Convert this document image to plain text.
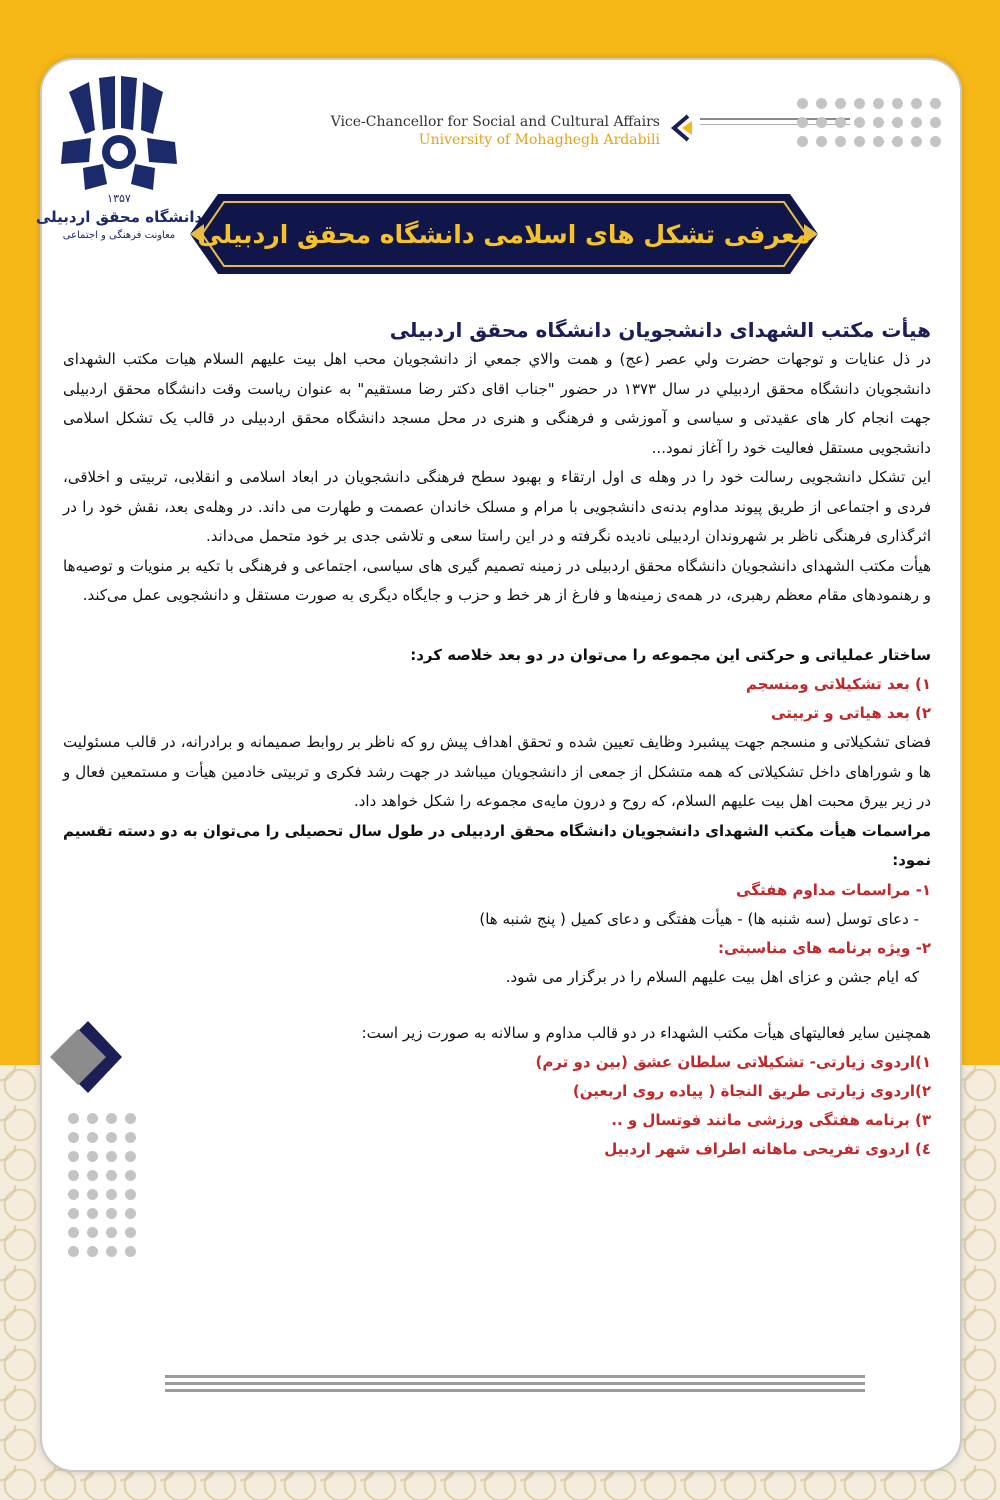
۱۳۵۷
دانشگاه محقق اردبیلی
معاونت فرهنگی و اجتماعی
Vice-Chancellor for Social and Cultural Affairs
University of Mohaghegh Ardabili
معرفی تشکل های اسلامی دانشگاه محقق اردبیلی

هیأت مکتب الشهدای دانشجویان دانشگاه محقق اردبیلی

در ذل عنایات و توجهات حضرت ولي عصر (عج) و همت والاي جمعي از دانشجويان محب اهل بيت عليهم السلام هيات مكتب الشهدای دانشجويان دانشگاه محقق اردبيلي در سال ١٣٧٣ در حضور "جناب اقای دکتر رضا مستقیم" به عنوان رياست وقت دانشگاه محقق اردبيلی جهت انجام کار های عقیدتی و سیاسی و آموزشی و فرهنگی و هنری در محل مسجد دانشگاه محقق اردبیلی در قالب یک تشکل اسلامی دانشجویی مستقل فعالیت خود را آغاز نمود...

این تشکل دانشجویی رسالت خود را در وهله ی اول ارتقاء و بهبود سطح فرهنگی دانشجویان در ابعاد اسلامی و انقلابی، تربیتی و اخلاقی، فردی و اجتماعی از طریق پیوند مداوم بدنه‌ی دانشجویی با مرام و مسلک خاندان عصمت و طهارت می داند. در وهله‌ی بعد، نقش خود را در اثرگذاری فرهنگی ناظر بر شهروندان اردبیلی نادیده نگرفته و در این راستا سعی و تلاشی جدی بر خود متحمل می‌داند.

هیأت مکتب الشهدای دانشجویان دانشگاه محقق اردبیلی در زمینه تصمیم گیری های سیاسی، اجتماعی و فرهنگی با تکیه بر منویات و توصیه‌ها و رهنمودهای مقام معظم رهبری، در همه‌ی زمینه‌ها و فارغ از هر خط و حزب و جایگاه دیگری به صورت مستقل و دانشجویی عمل می‌کند.

ساختار عملیاتی و حرکتی این مجموعه را می‌توان در دو بعد خلاصه کرد:

١) بعد تشکیلاتی ومنسجم

٢) بعد هیاتی و تربیتی

فضای تشکیلاتی و منسجم جهت پیشبرد وظایف تعیین شده و تحقق اهداف پیش رو که ناظر بر روابط صمیمانه و برادرانه، در قالب مسئولیت ها و شوراهای داخل تشکیلاتی که همه متشکل از جمعی از دانشجویان میباشد در جهت رشد فکری و تربیتی خادمین هیأت و مستمعین فعال و در زیر بیرق محبت اهل بیت علیهم السلام، که روح و درون مایه‌ی مجموعه را شکل خواهد داد.

مراسمات هیأت مکتب الشهدای دانشجویان دانشگاه محقق اردبیلی در طول سال تحصیلی را می‌توان به دو دسته تقسیم نمود:

١- مراسمات مداوم هفتگی

- دعای توسل (سه شنبه ها) - هیأت هفتگی و دعای کمیل ( پنج شنبه ها)

٢- ویژه برنامه های مناسبتی:

که ایام جشن و عزای اهل بیت علیهم السلام را در برگزار می شود.

همچنین سایر فعالیتهای هیأت مکتب الشهداء در دو قالب مداوم و سالانه به صورت زیر است:

١)اردوی زیارتی- تشکیلاتی سلطان عشق (بین دو ترم)

٢)اردوی زیارتی طریق النجاة ( پیاده روی اربعین)

٣) برنامه هفتگی ورزشی مانند فوتسال و ..

٤) اردوی تفریحی ماهانه اطراف شهر اردبیل
